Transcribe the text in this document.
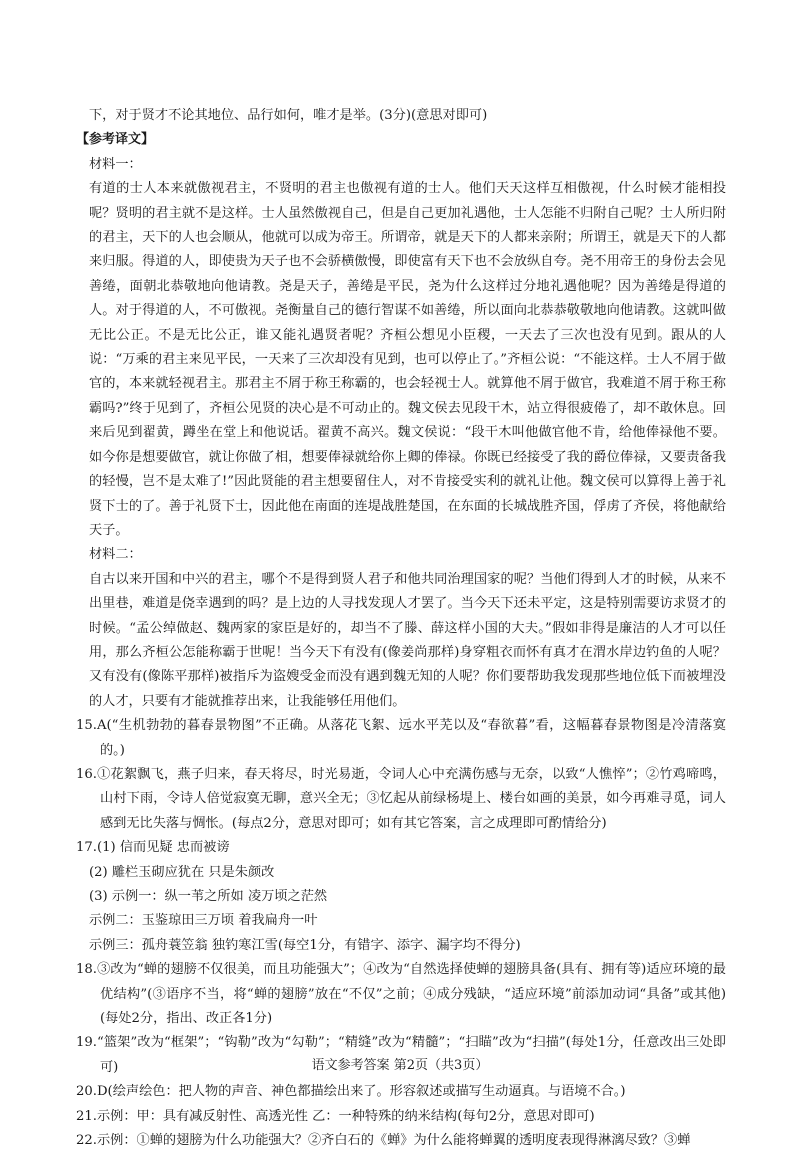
下，对于贤才不论其地位、品行如何，唯才是举。(3分)(意思对即可)

【参考译文】

材料一：

有道的士人本来就傲视君主，不贤明的君主也傲视有道的士人。他们天天这样互相傲视，什么时候才能相投呢？贤明的君主就不是这样。士人虽然傲视自己，但是自己更加礼遇他，士人怎能不归附自己呢？士人所归附的君主，天下的人也会顺从，他就可以成为帝王。所谓帝，就是天下的人都来亲附；所谓王，就是天下的人都来归服。得道的人，即使贵为天子也不会骄横傲慢，即使富有天下也不会放纵自夸。尧不用帝王的身份去会见善绻，面朝北恭敬地向他请教。尧是天子，善绻是平民，尧为什么这样过分地礼遇他呢？因为善绻是得道的人。对于得道的人，不可傲视。尧衡量自己的德行智谋不如善绻，所以面向北恭恭敬敬地向他请教。这就叫做无比公正。不是无比公正，谁又能礼遇贤者呢？齐桓公想见小臣稷，一天去了三次也没有见到。跟从的人说：“万乘的君主来见平民，一天来了三次却没有见到，也可以停止了。”齐桓公说：“不能这样。士人不屑于做官的，本来就轻视君主。那君主不屑于称王称霸的，也会轻视士人。就算他不屑于做官，我难道不屑于称王称霸吗?”终于见到了，齐桓公见贤的决心是不可动止的。魏文侯去见段干木，站立得很疲倦了，却不敢休息。回来后见到翟黄，蹲坐在堂上和他说话。翟黄不高兴。魏文侯说：“段干木叫他做官他不肯，给他俸禄他不要。如今你是想要做官，就让你做了相，想要俸禄就给你上卿的俸禄。你既已经接受了我的爵位俸禄，又要责备我的轻慢，岂不是太难了!”因此贤能的君主想要留住人，对不肯接受实利的就礼让他。魏文侯可以算得上善于礼贤下士的了。善于礼贤下士，因此他在南面的连堤战胜楚国，在东面的长城战胜齐国，俘虏了齐侯，将他献给天子。

材料二：

自古以来开国和中兴的君主，哪个不是得到贤人君子和他共同治理国家的呢？当他们得到人才的时候，从来不出里巷，难道是侥幸遇到的吗？是上边的人寻找发现人才罢了。当今天下还未平定，这是特别需要访求贤才的时候。“孟公绰做赵、魏两家的家臣是好的，却当不了滕、薛这样小国的大夫。”假如非得是廉洁的人才可以任用，那么齐桓公怎能称霸于世呢！当今天下有没有(像姜尚那样)身穿粗衣而怀有真才在渭水岸边钓鱼的人呢？又有没有(像陈平那样)被指斥为盗嫂受金而没有遇到魏无知的人呢？你们要帮助我发现那些地位低下而被埋没的人才，只要有才能就推荐出来，让我能够任用他们。

15.A(“生机勃勃的暮春景物图”不正确。从落花飞絮、远水平芜以及“春欲暮”看，这幅暮春景物图是冷清落寞的。)

16.①花絮飘飞，燕子归来，春天将尽，时光易逝，令词人心中充满伤感与无奈，以致“人憔悴”；②竹鸡啼鸣，山村下雨，令诗人倍觉寂寞无聊，意兴全无；③忆起从前绿杨堤上、楼台如画的美景，如今再难寻觅，词人感到无比失落与惆怅。(每点2分，意思对即可；如有其它答案，言之成理即可酌情给分)

17.(1) 信而见疑 忠而被谤

(2) 雕栏玉砌应犹在 只是朱颜改

(3) 示例一：纵一苇之所如 凌万顷之茫然

示例二：玉鉴琼田三万顷 着我扁舟一叶

示例三：孤舟蓑笠翁 独钓寒江雪(每空1分，有错字、添字、漏字均不得分)

18.③改为“蝉的翅膀不仅很美，而且功能强大”；④改为“自然选择使蝉的翅膀具备(具有、拥有等)适应环境的最优结构”(③语序不当，将“蝉的翅膀”放在“不仅”之前；④成分残缺，“适应环境”前添加动词“具备”或其他)(每处2分，指出、改正各1分)

19.“篮架”改为“框架”；“钩勒”改为“勾勒”；“精缝”改为“精髓”；“扫瞄”改为“扫描”(每处1分，任意改出三处即可)

20.D(绘声绘色：把人物的声音、神色都描绘出来了。形容叙述或描写生动逼真。与语境不合。)

21.示例：甲：具有减反射性、高透光性 乙：一种特殊的纳米结构(每句2分，意思对即可)

22.示例：①蝉的翅膀为什么功能强大？②齐白石的《蝉》为什么能将蝉翼的透明度表现得淋漓尽致？③蝉

语文参考答案 第2页（共3页）
